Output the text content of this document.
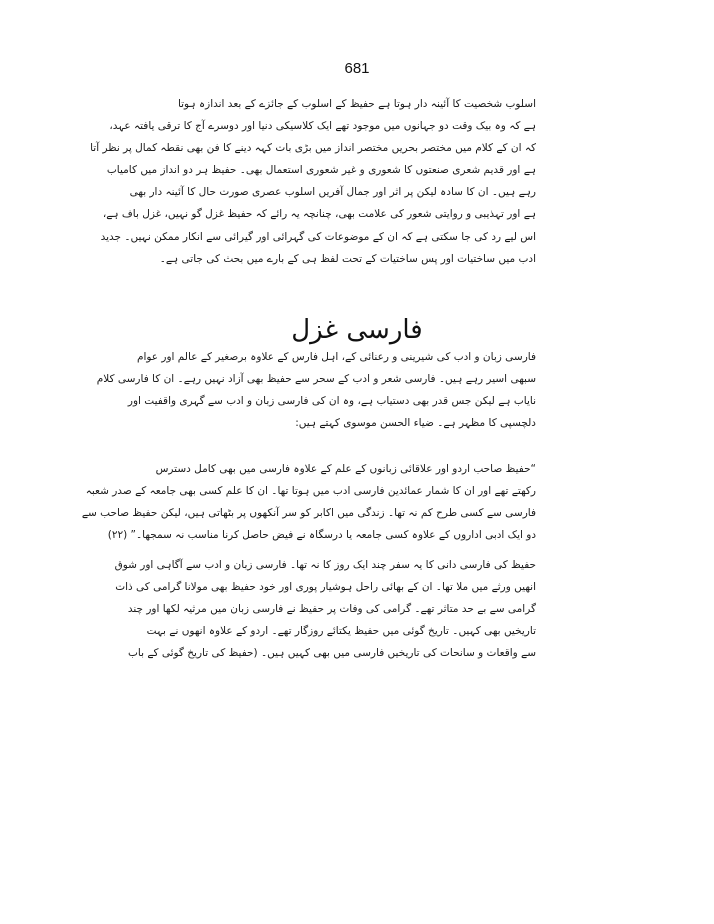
681
اسلوب شخصیت کا آئینہ دار ہوتا ہے حفیظ کے اسلوب کے جائزے کے بعد اندازہ ہوتا
ہے کہ وہ بیک وقت دو جہانوں میں موجود تھے ایک کلاسیکی دنیا اور دوسرے آج کا ترقی یافتہ عہد،
کہ ان کے کلام میں مختصر بحریں مختصر انداز میں بڑی بات کہہ دینے کا فن بھی نقطہ کمال پر نظر آتا
ہے اور قدیم شعری صنعتوں کا شعوری و غیر شعوری استعمال بھی۔ حفیظ ہر دو انداز میں کامیاب
رہے ہیں۔ ان کا سادہ لیکن پر اثر اور جمال آفریں اسلوب عصری صورت حال کا آئینہ دار بھی
ہے اور تہذیبی و روایتی شعور کی علامت بھی، چنانچہ یہ رائے کہ حفیظ غزل گو نہیں، غزل باف ہے،
اس لیے رد کی جا سکتی ہے کہ ان کے موضوعات کی گہرائی اور گیرائی سے انکار ممکن نہیں۔ جدید
ادب میں ساختیات اور پس ساختیات کے تحت لفظ ہی کے بارے میں بحث کی جاتی ہے۔
فارسی غزل
فارسی زبان و ادب کی شیرینی و رعنائی کے، اہل فارس کے علاوہ برصغیر کے عالم اور عوام
سبھی اسیر رہے ہیں۔ فارسی شعر و ادب کے سحر سے حفیظ بھی آزاد نہیں رہے۔ ان کا فارسی کلام
نایاب ہے لیکن جس قدر بھی دستیاب ہے، وہ ان کی فارسی زبان و ادب سے گہری واقفیت اور
دلچسپی کا مظہر ہے۔ ضیاء الحسن موسوی کہتے ہیں:
“حفیظ صاحب اردو اور علاقائی زبانوں کے علم کے علاوہ فارسی میں بھی کامل دسترس
رکھتے تھے اور ان کا شمار عمائدین فارسی ادب میں ہوتا تھا۔ ان کا علم کسی بھی جامعہ کے صدر شعبہ
فارسی سے کسی طرح کم نہ تھا۔ زندگی میں اکابر کو سر آنکھوں پر بٹھاتی ہیں، لیکن حفیظ صاحب سے
دو ایک ادبی اداروں کے علاوہ کسی جامعہ یا درسگاہ نے فیض حاصل کرنا مناسب نہ سمجھا۔” (۲۲)
حفیظ کی فارسی دانی کا یہ سفر چند ایک روز کا نہ تھا۔ فارسی زبان و ادب سے آگاہی اور شوق
انھیں ورثے میں ملا تھا۔ ان کے بھائی راحل ہوشیار پوری اور خود حفیظ بھی مولانا گرامی کی ذات
گرامی سے بے حد متاثر تھے۔ گرامی کی وفات پر حفیظ نے فارسی زبان میں مرثیہ لکھا اور چند
تاریخیں بھی کہیں۔ تاریخ گوئی میں حفیظ یکتائے روزگار تھے۔ اردو کے علاوہ انھوں نے بہت
سے واقعات و سانحات کی تاریخیں فارسی میں بھی کہیں ہیں۔ (حفیظ کی تاریخ گوئی کے باب
